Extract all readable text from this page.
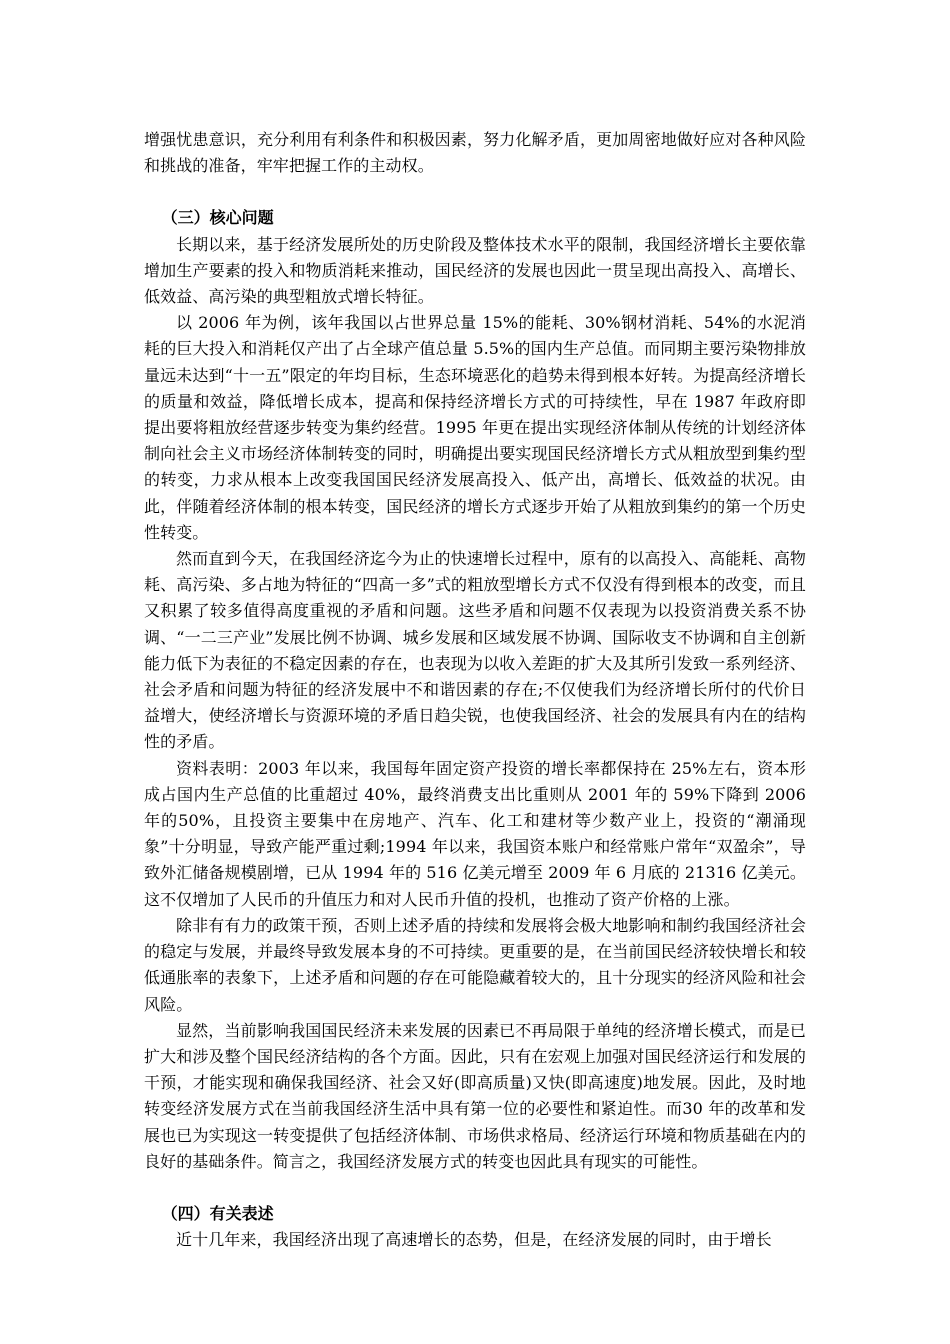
增强忧患意识，充分利用有利条件和积极因素，努力化解矛盾，更加周密地做好应对各种风险和挑战的准备，牢牢把握工作的主动权。

（三）核心问题

长期以来，基于经济发展所处的历史阶段及整体技术水平的限制，我国经济增长主要依靠增加生产要素的投入和物质消耗来推动，国民经济的发展也因此一贯呈现出高投入、高增长、低效益、高污染的典型粗放式增长特征。

以 2006 年为例，该年我国以占世界总量 15%的能耗、30%钢材消耗、54%的水泥消耗的巨大投入和消耗仅产出了占全球产值总量 5.5%的国内生产总值。而同期主要污染物排放量远未达到“十一五”限定的年均目标，生态环境恶化的趋势未得到根本好转。为提高经济增长的质量和效益，降低增长成本，提高和保持经济增长方式的可持续性，早在 1987 年政府即提出要将粗放经营逐步转变为集约经营。1995 年更在提出实现经济体制从传统的计划经济体制向社会主义市场经济体制转变的同时，明确提出要实现国民经济增长方式从粗放型到集约型的转变，力求从根本上改变我国国民经济发展高投入、低产出，高增长、低效益的状况。由此，伴随着经济体制的根本转变，国民经济的增长方式逐步开始了从粗放到集约的第一个历史性转变。

然而直到今天，在我国经济迄今为止的快速增长过程中，原有的以高投入、高能耗、高物耗、高污染、多占地为特征的“四高一多”式的粗放型增长方式不仅没有得到根本的改变，而且又积累了较多值得高度重视的矛盾和问题。这些矛盾和问题不仅表现为以投资消费关系不协调、“一二三产业”发展比例不协调、城乡发展和区域发展不协调、国际收支不协调和自主创新能力低下为表征的不稳定因素的存在，也表现为以收入差距的扩大及其所引发致一系列经济、社会矛盾和问题为特征的经济发展中不和谐因素的存在;不仅使我们为经济增长所付的代价日益增大，使经济增长与资源环境的矛盾日趋尖锐，也使我国经济、社会的发展具有内在的结构性的矛盾。

资料表明：2003 年以来，我国每年固定资产投资的增长率都保持在 25%左右，资本形成占国内生产总值的比重超过 40%，最终消费支出比重则从 2001 年的 59%下降到 2006 年的50%，且投资主要集中在房地产、汽车、化工和建材等少数产业上，投资的“潮涌现象”十分明显，导致产能严重过剩;1994 年以来，我国资本账户和经常账户常年“双盈余”，导致外汇储备规模剧增，已从 1994 年的 516 亿美元增至 2009 年 6 月底的 21316 亿美元。这不仅增加了人民币的升值压力和对人民币升值的投机，也推动了资产价格的上涨。

除非有有力的政策干预，否则上述矛盾的持续和发展将会极大地影响和制约我国经济社会的稳定与发展，并最终导致发展本身的不可持续。更重要的是，在当前国民经济较快增长和较低通胀率的表象下，上述矛盾和问题的存在可能隐藏着较大的，且十分现实的经济风险和社会风险。

显然，当前影响我国国民经济未来发展的因素已不再局限于单纯的经济增长模式，而是已扩大和涉及整个国民经济结构的各个方面。因此，只有在宏观上加强对国民经济运行和发展的干预，才能实现和确保我国经济、社会又好(即高质量)又快(即高速度)地发展。因此，及时地转变经济发展方式在当前我国经济生活中具有第一位的必要性和紧迫性。而30 年的改革和发展也已为实现这一转变提供了包括经济体制、市场供求格局、经济运行环境和物质基础在内的良好的基础条件。简言之，我国经济发展方式的转变也因此具有现实的可能性。

（四）有关表述

近十几年来，我国经济出现了高速增长的态势，但是，在经济发展的同时，由于增长
